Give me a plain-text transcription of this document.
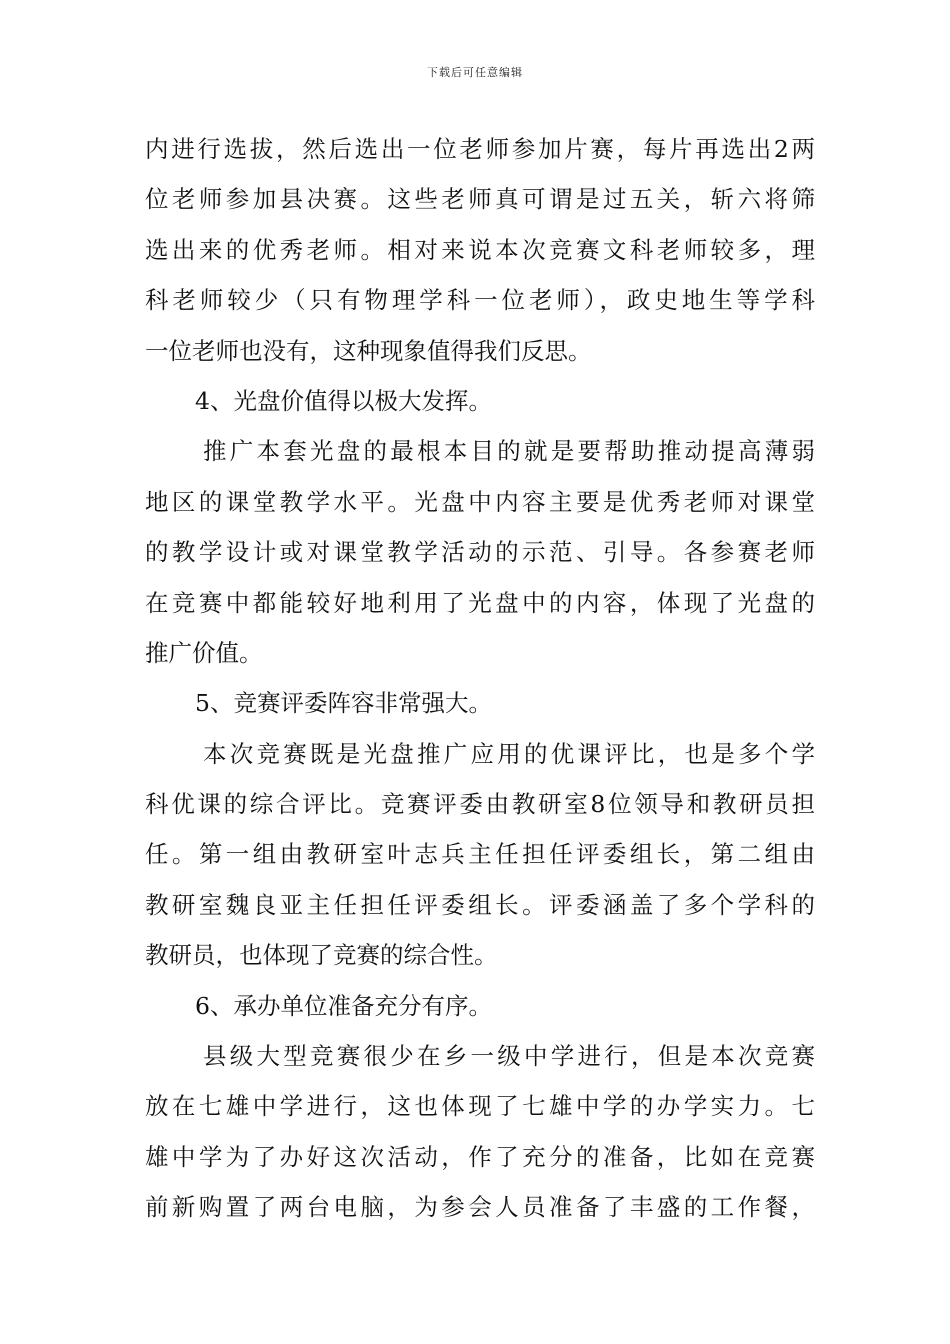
下载后可任意编辑
内进行选拔，然后选出一位老师参加片赛，每片再选出2两
位老师参加县决赛。这些老师真可谓是过五关，斩六将筛
选出来的优秀老师。相对来说本次竞赛文科老师较多，理
科老师较少（只有物理学科一位老师），政史地生等学科
一位老师也没有，这种现象值得我们反思。
4、光盘价值得以极大发挥。
推广本套光盘的最根本目的就是要帮助推动提高薄弱
地区的课堂教学水平。光盘中内容主要是优秀老师对课堂
的教学设计或对课堂教学活动的示范、引导。各参赛老师
在竞赛中都能较好地利用了光盘中的内容，体现了光盘的
推广价值。
5、竞赛评委阵容非常强大。
本次竞赛既是光盘推广应用的优课评比，也是多个学
科优课的综合评比。竞赛评委由教研室8位领导和教研员担
任。第一组由教研室叶志兵主任担任评委组长，第二组由
教研室魏良亚主任担任评委组长。评委涵盖了多个学科的
教研员，也体现了竞赛的综合性。
6、承办单位准备充分有序。
县级大型竞赛很少在乡一级中学进行，但是本次竞赛
放在七雄中学进行，这也体现了七雄中学的办学实力。七
雄中学为了办好这次活动，作了充分的准备，比如在竞赛
前新购置了两台电脑，为参会人员准备了丰盛的工作餐，
